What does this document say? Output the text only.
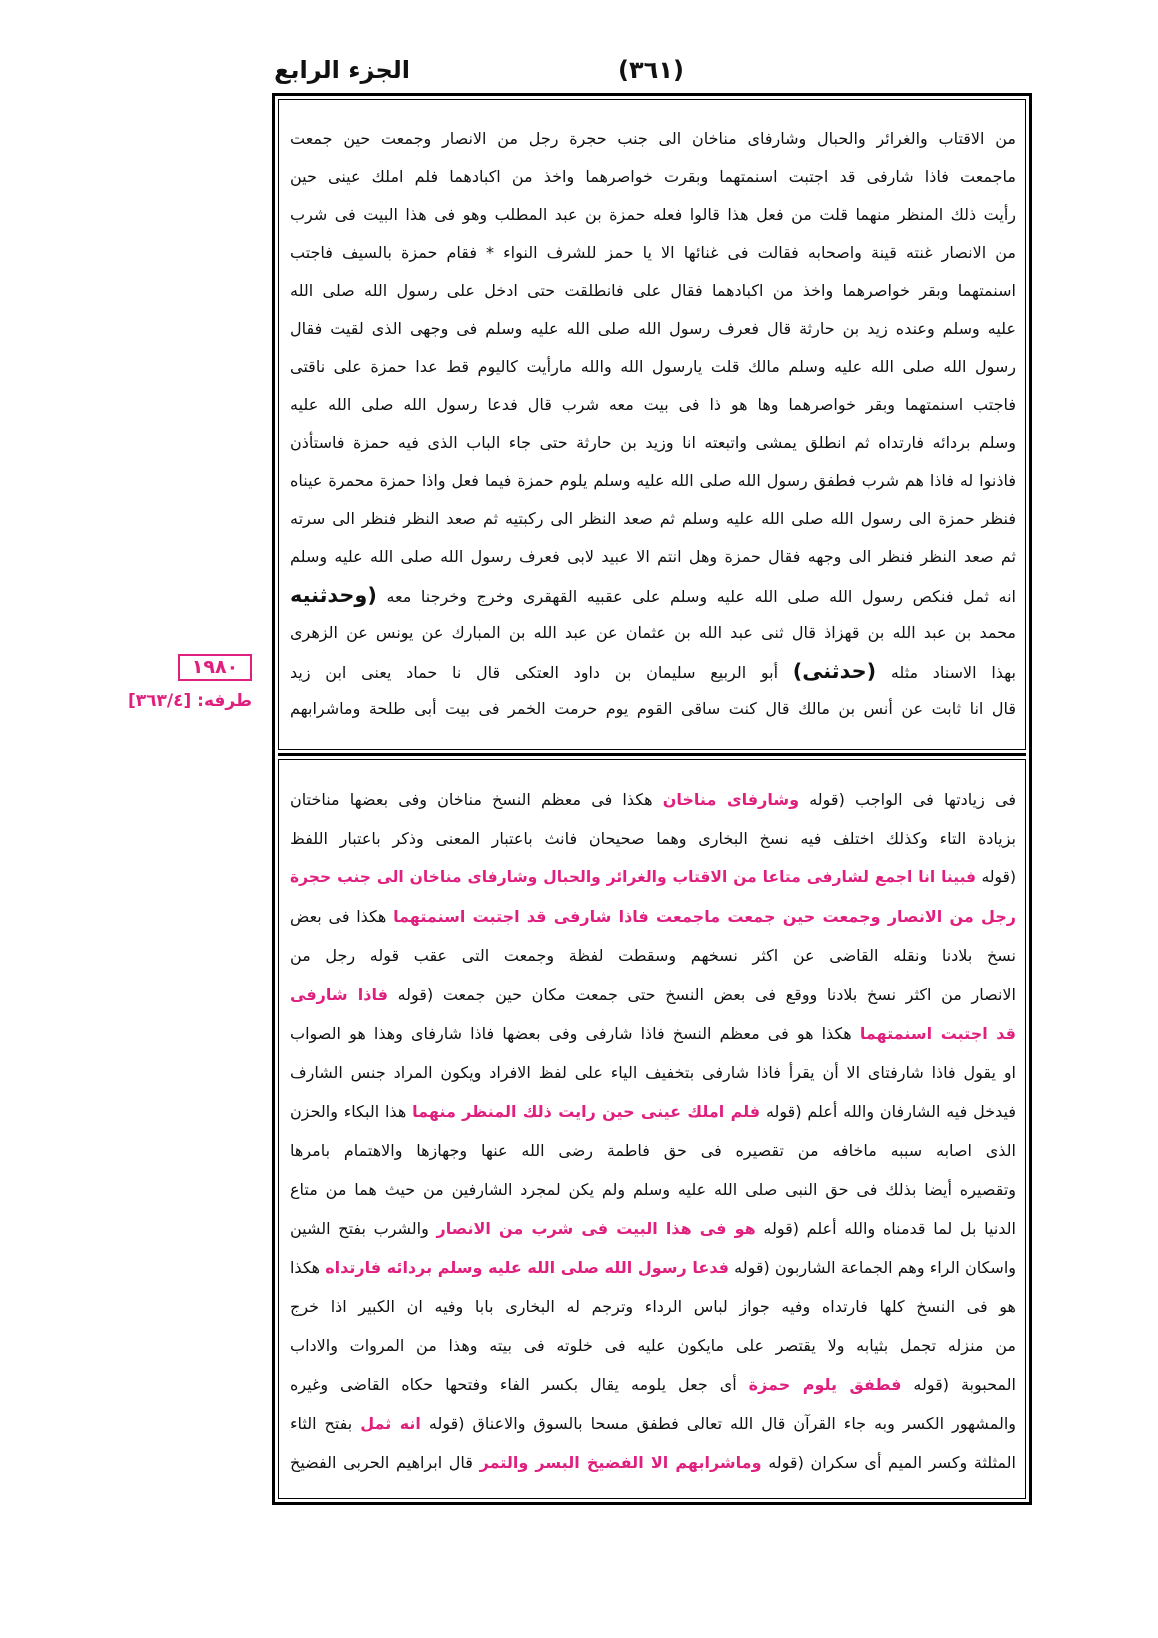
الجزء الرابع	(٣٦١)
١٩٨٠
طرفه: [٣٦٣/٤]
من الاقتاب والغرائر والحبال وشارفاى مناخان الى جنب حجرة رجل من الانصار وجمعت حين جمعت
ماجمعت فاذا شارفى قد اجتبت اسنمتهما وبقرت خواصرهما واخذ من اكبادهما فلم املك عينى حين
رأيت ذلك المنظر منهما قلت من فعل هذا قالوا فعله حمزة بن عبد المطلب وهو فى هذا البيت فى شرب
من الانصار غنته قينة واصحابه فقالت فى غنائها الا يا حمز للشرف النواء * فقام حمزة بالسيف فاجتب
اسنمتهما وبقر خواصرهما واخذ من اكبادهما فقال على فانطلقت حتى ادخل على رسول الله صلى الله
عليه وسلم وعنده زيد بن حارثة قال فعرف رسول الله صلى الله عليه وسلم فى وجهى الذى لقيت فقال
رسول الله صلى الله عليه وسلم مالك قلت يارسول الله والله مارأيت كاليوم قط عدا حمزة على ناقتى
فاجتب اسنمتهما وبقر خواصرهما وها هو ذا فى بيت معه شرب قال فدعا رسول الله صلى الله عليه
وسلم بردائه فارتداه ثم انطلق يمشى واتبعته انا وزيد بن حارثة حتى جاء الباب الذى فيه حمزة فاستأذن
فاذنوا له فاذا هم شرب فطفق رسول الله صلى الله عليه وسلم يلوم حمزة فيما فعل واذا حمزة محمرة عيناه
فنظر حمزة الى رسول الله صلى الله عليه وسلم ثم صعد النظر الى ركبتيه ثم صعد النظر فنظر الى سرته
ثم صعد النظر فنظر الى وجهه فقال حمزة وهل انتم الا عبيد لابى فعرف رسول الله صلى الله عليه وسلم
انه ثمل فنكص رسول الله صلى الله عليه وسلم على عقبيه القهقرى وخرج وخرجنا معه (وحدثنيه
محمد بن عبد الله بن قهزاذ قال ثنى عبد الله بن عثمان عن عبد الله بن المبارك عن يونس عن الزهرى
بهذا الاسناد مثله (حدثنى) أبو الربيع سليمان بن داود العتكى قال نا حماد يعنى ابن زيد
قال انا ثابت عن أنس بن مالك قال كنت ساقى القوم يوم حرمت الخمر فى بيت أبى طلحة وماشرابهم
فى زيادتها فى الواجب (قوله وشارفاى مناخان هكذا فى معظم النسخ مناخان وفى بعضها مناختان
بزيادة التاء وكذلك اختلف فيه نسخ البخارى وهما صحيحان فانث باعتبار المعنى وذكر باعتبار اللفظ
(قوله فبينا انا اجمع لشارفى متاعا من الاقتاب والغرائر والحبال وشارفاى مناخان الى جنب حجرة
رجل من الانصار وجمعت حين جمعت ماجمعت فاذا شارفى قد اجتبت اسنمتهما هكذا فى بعض
نسخ بلادنا ونقله القاضى عن اكثر نسخهم وسقطت لفظة وجمعت التى عقب قوله رجل من
الانصار من اكثر نسخ بلادنا ووقع فى بعض النسخ حتى جمعت مكان حين جمعت (قوله فاذا شارفى
قد اجتبت اسنمتهما هكذا هو فى معظم النسخ فاذا شارفى وفى بعضها فاذا شارفاى وهذا هو الصواب
او يقول فاذا شارفتاى الا أن يقرأ فاذا شارفى بتخفيف الياء على لفظ الافراد ويكون المراد جنس الشارف
فيدخل فيه الشارفان والله أعلم (قوله فلم املك عينى حين رايت ذلك المنظر منهما هذا البكاء والحزن
الذى اصابه سببه ماخافه من تقصيره فى حق فاطمة رضى الله عنها وجهازها والاهتمام بامرها
وتقصيره أيضا بذلك فى حق النبى صلى الله عليه وسلم ولم يكن لمجرد الشارفين من حيث هما من متاع
الدنيا بل لما قدمناه والله أعلم (قوله هو فى هذا البيت فى شرب من الانصار والشرب بفتح الشين
واسكان الراء وهم الجماعة الشاربون (قوله فدعا رسول الله صلى الله عليه وسلم بردائه فارتداه هكذا
هو فى النسخ كلها فارتداه وفيه جواز لباس الرداء وترجم له البخارى بابا وفيه ان الكبير اذا خرج
من منزله تجمل بثيابه ولا يقتصر على مايكون عليه فى خلوته فى بيته وهذا من المروات والاداب
المحبوبة (قوله فطفق يلوم حمزة أى جعل يلومه يقال بكسر الفاء وفتحها حكاه القاضى وغيره
والمشهور الكسر وبه جاء القرآن قال الله تعالى فطفق مسحا بالسوق والاعناق (قوله انه ثمل بفتح الثاء
المثلثة وكسر الميم أى سكران (قوله وماشرابهم الا الفضيخ البسر والتمر قال ابراهيم الحربى الفضيخ
